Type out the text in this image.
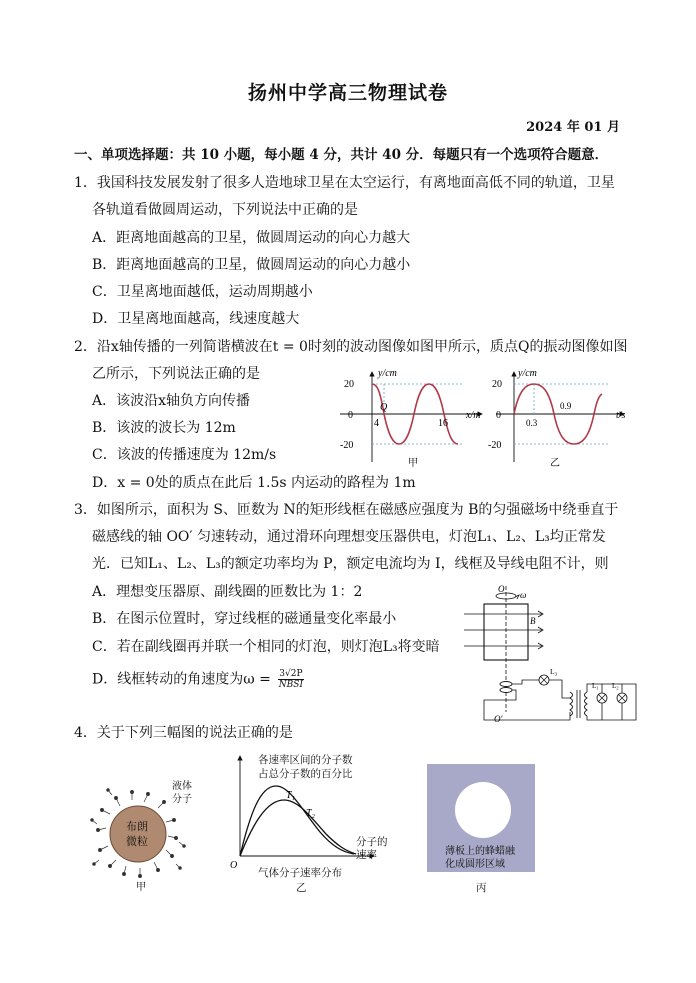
扬州中学高三物理试卷
2024 年 01 月
一、单项选择题：共 10 小题，每小题 4 分，共计 40 分．每题只有一个选项符合题意．
1．我国科技发展发射了很多人造地球卫星在太空运行，有离地面高低不同的轨道，卫星
各轨道看做圆周运动，下列说法中正确的是
A．距离地面越高的卫星，做圆周运动的向心力越大
B．距离地面越高的卫星，做圆周运动的向心力越小
C．卫星离地面越低，运动周期越小
D．卫星离地面越高，线速度越大
2．沿x轴传播的一列简谐横波在t = 0时刻的波动图像如图甲所示，质点Q的振动图像如图
乙所示，下列说法正确的是
A．该波沿x轴负方向传播
B．该波的波长为 12m
C．该波的传播速度为 12m/s
D．x = 0处的质点在此后 1.5s 内运动的路程为 1m
y/cm
x/m
20
-20
0
4	16
Q
甲
y/cm
t/s
20
-20
0
0.3
0.9
乙
3．如图所示，面积为 S、匝数为 N的矩形线框在磁感应强度为 B的匀强磁场中绕垂直于
磁感线的轴 OO′ 匀速转动，通过滑环向理想变压器供电，灯泡L₁、L₂、L₃均正常发
光．已知L₁、L₂、L₃的额定功率均为 P，额定电流均为 I，线框及导线电阻不计，则
A．理想变压器原、副线圈的匝数比为 1：2
B．在图示位置时，穿过线框的磁通量变化率最小
C．若在副线圈再并联一个相同的灯泡，则灯泡L₃将变暗
D．线框转动的角速度为ω = 3√2P
NBSI
O
ω
B
O′
L₃
L₁ L₂
4．关于下列三幅图的说法正确的是
布朗
微粒
甲
液体
分子	T₁
T₂
O
各速率区间的分子数
占总分子数的百分比
分子的
速率
气体分子速率分布
乙
薄板上的蜂蜡融
化成圆形区域
丙
